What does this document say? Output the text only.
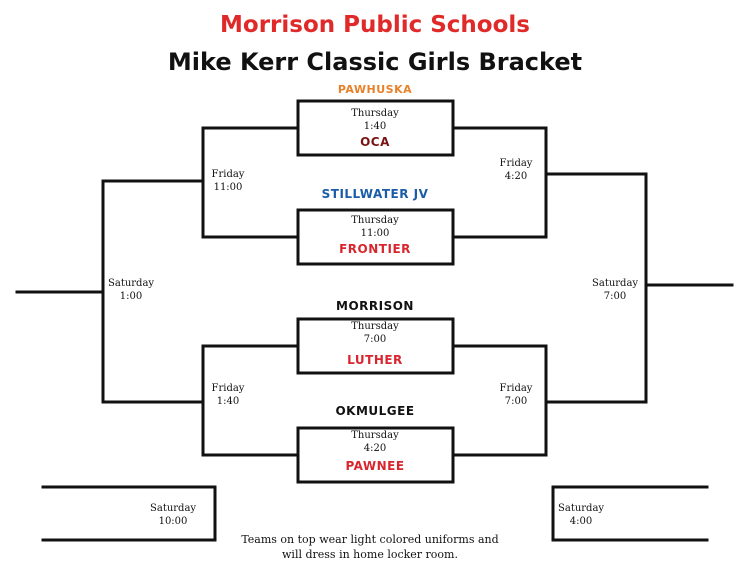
Morrison Public Schools
Mike Kerr Classic Girls Bracket
PAWHUSKA
OCA
STILLWATER JV
FRONTIER
MORRISON
LUTHER
OKMULGEE
PAWNEE
Thursday
1:40
Thursday
11:00
Thursday
7:00
Thursday
4:20
Friday
11:00
Friday
1:40
Friday
4:20
Friday
7:00
Saturday
1:00
Saturday
7:00
Saturday
10:00
Saturday
4:00
Teams on top wear light colored uniforms and will dress in home locker room.
